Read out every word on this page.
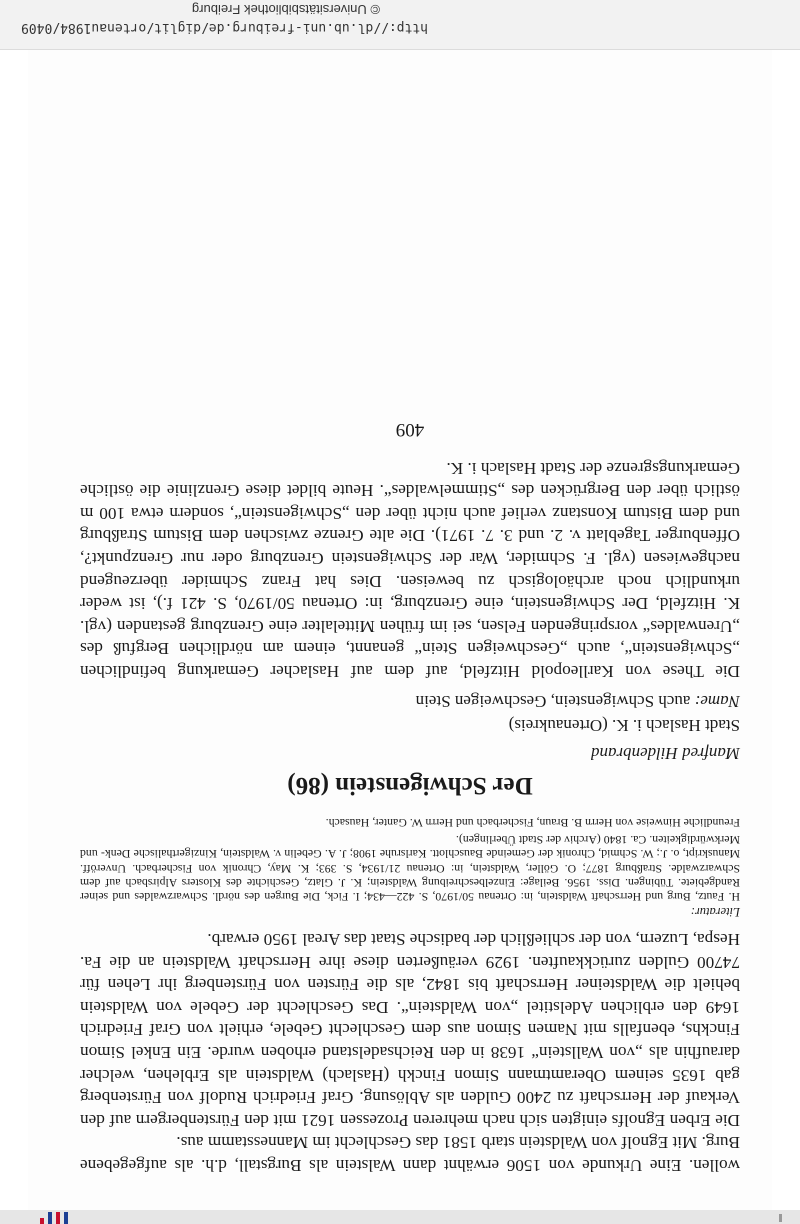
wollen. Eine Urkunde von 1506 erwähnt dann Walstein als Burgstall, d.h. als aufgegebene Burg. Mit Egnolf von Waldstein starb 1581 das Geschlecht im Mannesstamm aus.

Die Erben Egnolfs einigten sich nach mehreren Prozessen 1621 mit den Fürstenbergern auf den Verkauf der Herrschaft zu 2400 Gulden als Ablösung. Graf Friedrich Rudolf von Fürstenberg gab 1635 seinem Oberamtmann Simon Finckh (Haslach) Waldstein als Erblehen, welcher daraufhin als „von Wallstein“ 1638 in den Reichsadelstand erhoben wurde. Ein Enkel Simon Finckhs, ebenfalls mit Namen Simon aus dem Geschlecht Gebele, erhielt von Graf Friedrich 1649 den erblichen Adelstitel „von Waldstein“. Das Geschlecht der Gebele von Waldstein behielt die Waldsteiner Herrschaft bis 1842, als die Fürsten von Fürstenberg ihr Lehen für 74700 Gulden zurückkauften. 1929 veräußerten diese ihre Herrschaft Waldstein an die Fa. Hespa, Luzern, von der schließlich der badische Staat das Areal 1950 erwarb.

Literatur:

H. Fautz, Burg und Herrschaft Waldstein, in: Ortenau 50/1970, S. 422—434; I. Fick, Die Burgen des nördl. Schwarzwaldes und seiner Randgebiete. Tübingen. Diss. 1956. Beilage: Einzelbeschreibung Waldstein; K. J. Glatz, Geschichte des Klosters Alpirsbach auf dem Schwarzwalde. Straßburg 1877; O. Göller, Waldstein, in: Ortenau 21/1934, S. 393; K. May, Chronik von Fischerbach. Unveröff. Manuskript, o. J.; W. Schmid, Chronik der Gemeinde Bauschlott. Karlsruhe 1908; J. A. Gebelin v. Waldstein, Kinzigerthalische Denk- und Merkwürdigkeiten. Ca. 1840 (Archiv der Stadt Überlingen).

Freundliche Hinweise von Herrn B. Braun, Fischerbach und Herrn W. Ganter, Hausach.

Der Schwigenstein (86)

Manfred Hildenbrand

Stadt Haslach i. K. (Ortenaukreis)

Name: auch Schwigenstein, Geschweigen Stein

Die These von Karlleopold Hitzfeld, auf dem auf Haslacher Gemarkung befindlichen „Schwigenstein“, auch „Geschweigen Stein“ genannt, einem am nördlichen Bergfuß des „Urenwaldes“ vorspringenden Felsen, sei im frühen Mittelalter eine Grenzburg gestanden (vgl. K. Hitzfeld, Der Schwigenstein, eine Grenzburg, in: Ortenau 50/1970, S. 421 f.), ist weder urkundlich noch archäologisch zu beweisen. Dies hat Franz Schmider überzeugend nachgewiesen (vgl. F. Schmider, War der Schwigenstein Grenzburg oder nur Grenzpunkt?, Offenburger Tageblatt v. 2. und 3. 7. 1971). Die alte Grenze zwischen dem Bistum Straßburg und dem Bistum Konstanz verlief auch nicht über den „Schwigenstein“, sondern etwa 100 m östlich über den Bergrücken des „Stimmelwaldes“. Heute bildet diese Grenzlinie die östliche Gemarkungsgrenze der Stadt Haslach i. K.

409

http://dl.ub.uni-freiburg.de/diglit/ortenau1984/0409
© Universitätsbibliothek Freiburg
